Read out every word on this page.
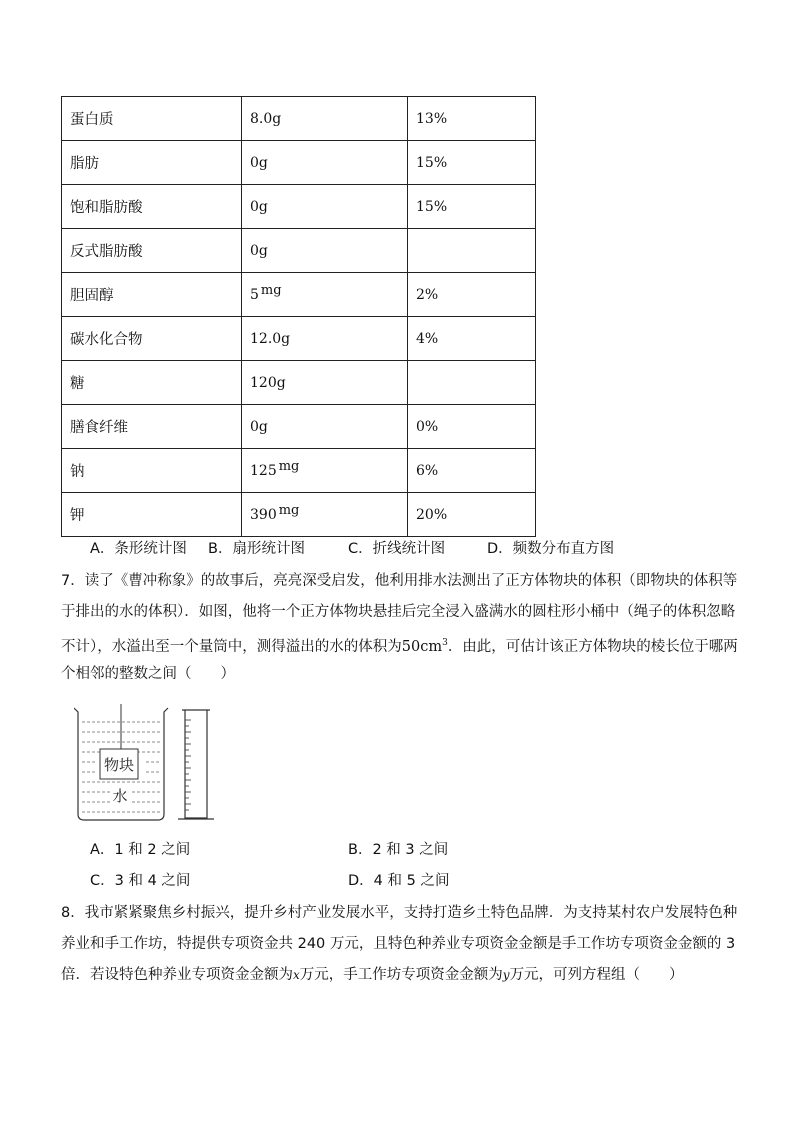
蛋白质	8.0g	13%
脂肪	0g	15%
饱和脂肪酸	0g	15%
反式脂肪酸	0g	
胆固醇	5 mg	2%
碳水化合物	12.0g	4%
糖	120g	
膳食纤维	0g	0%
钠	125 mg	6%
钾	390 mg	20%
A．条形统计图 B．扇形统计图	C．折线统计图	D．频数分布直方图
7．读了《曹冲称象》的故事后，亮亮深受启发，他利用排水法测出了正方体物块的体积（即物块的体积等
于排出的水的体积）．如图，他将一个正方体物块悬挂后完全浸入盛满水的圆柱形小桶中（绳子的体积忽略
不计），水溢出至一个量筒中，测得溢出的水的体积为$50cm^3$．由此，可估计该正方体物块的棱长位于哪两
个相邻的整数之间（　　）
物块
水
A．1 和 2 之间	B．2 和 3 之间
C．3 和 4 之间	D．4 和 5 之间
8．我市紧紧聚焦乡村振兴，提升乡村产业发展水平，支持打造乡土特色品牌．为支持某村农户发展特色种
养业和手工作坊，特提供专项资金共 240 万元，且特色种养业专项资金金额是手工作坊专项资金金额的 3
倍．若设特色种养业专项资金金额为x万元，手工作坊专项资金金额为y万元，可列方程组（　　）
